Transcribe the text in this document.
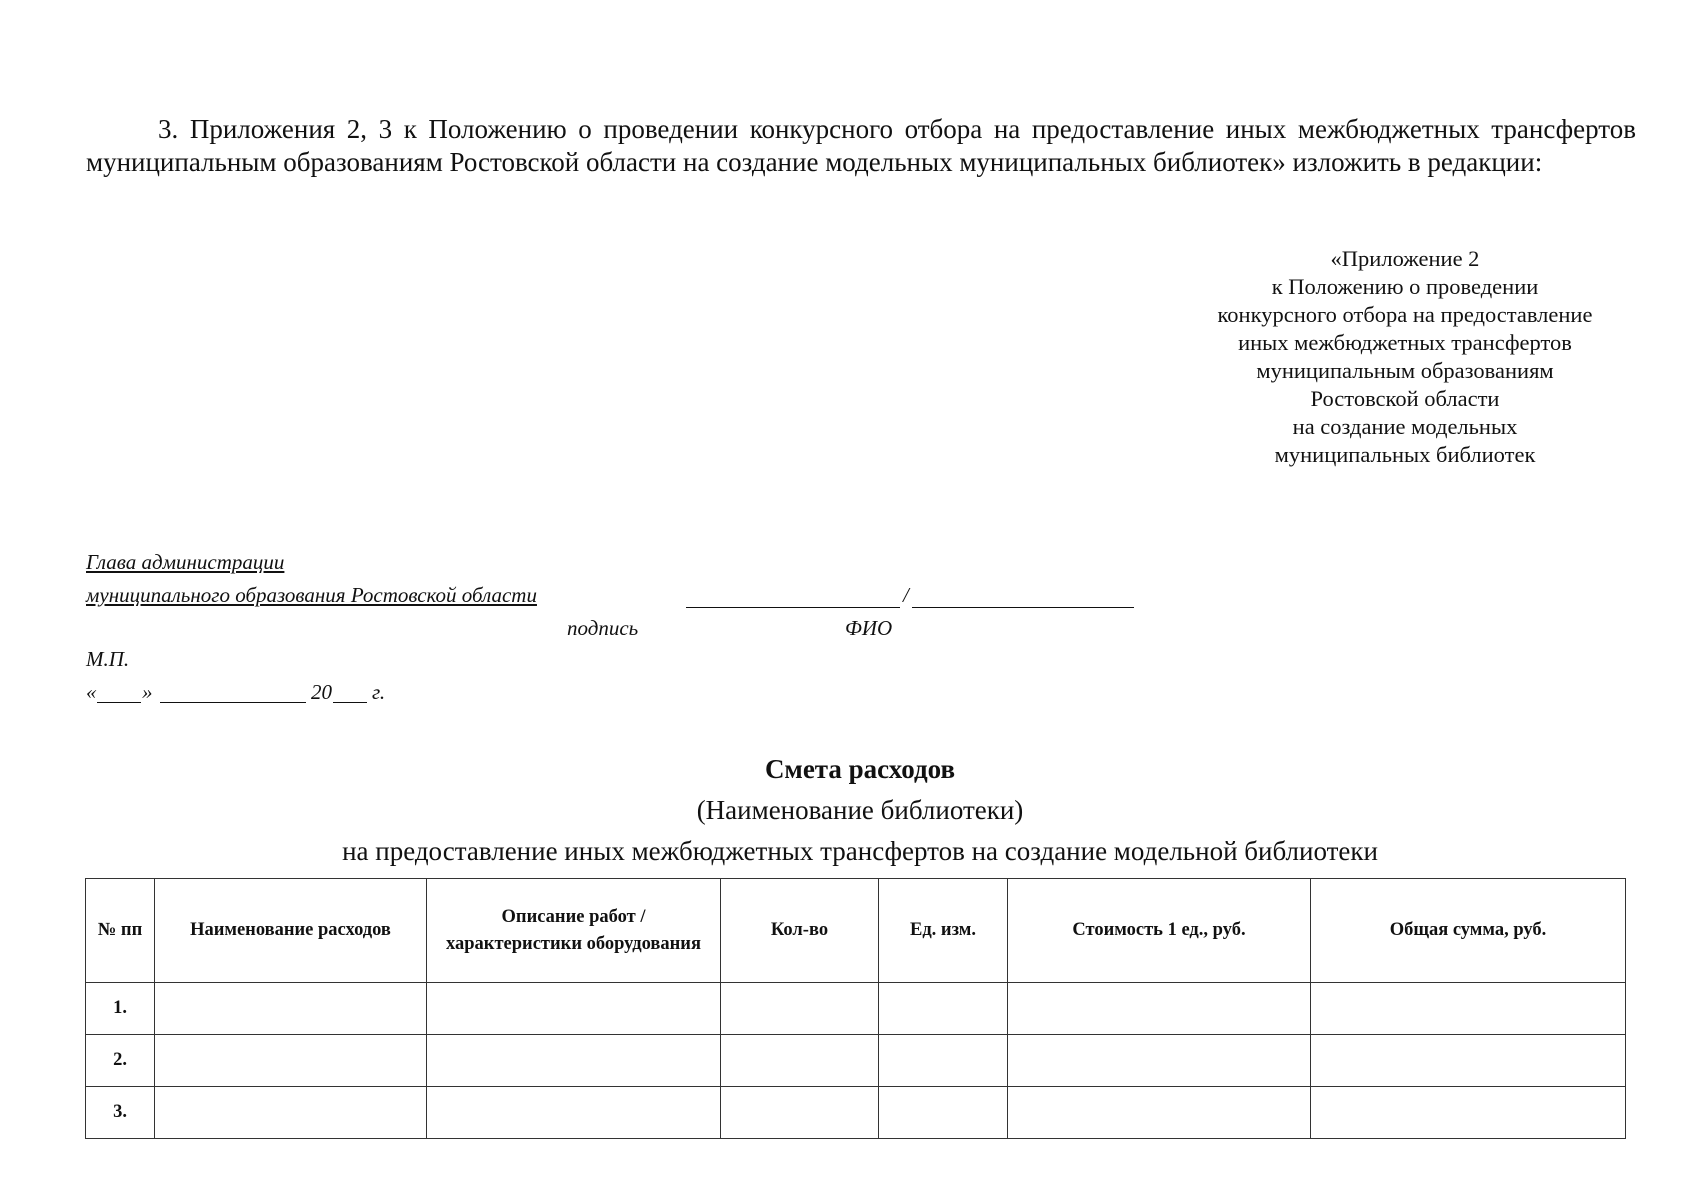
3. Приложения 2, 3 к Положению о проведении конкурсного отбора на предоставление иных межбюджетных трансфертов муниципальным образованиям Ростовской области на создание модельных муниципальных библиотек» изложить в редакции:

«Приложение 2
к Положению о проведении
конкурсного отбора на предоставление
иных межбюджетных трансфертов
муниципальным образованиям
Ростовской области
на создание модельных
муниципальных библиотек
Глава администрации
муниципального образования Ростовской области	/
подпись	ФИО
М.П.
« »	20 г.
Смета расходов
(Наименование библиотеки)
на предоставление иных межбюджетных трансфертов на создание модельной библиотеки
№ пп	Наименование расходов	Описание работ / характеристики оборудования	Кол-во	Ед. изм.	Стоимость 1 ед., руб.	Общая сумма, руб.
1.						
2.						
3.						
